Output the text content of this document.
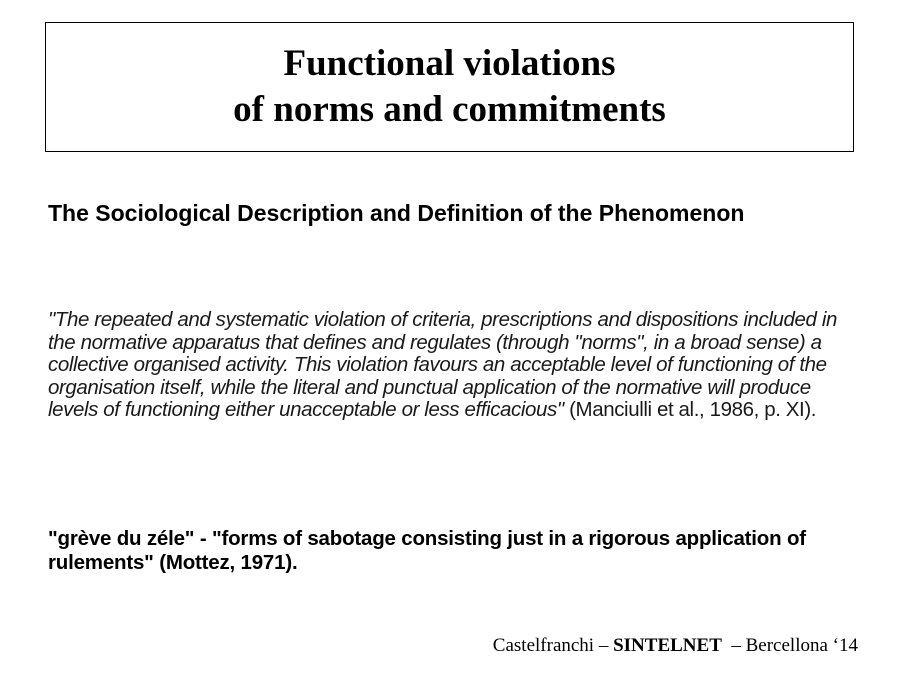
Functional violations
of norms and commitments
The Sociological Description and Definition of the Phenomenon
"The repeated and systematic violation of criteria, prescriptions and dispositions included in the normative apparatus that defines and regulates (through "norms", in a broad sense) a collective organised activity. This violation favours an acceptable level of functioning of the organisation itself, while the literal and punctual application of the normative will produce levels of functioning either unacceptable or less efficacious" (Manciulli et al., 1986, p. XI).
"grève du zéle" - "forms of sabotage consisting just in a rigorous application of rulements" (Mottez, 1971).
Castelfranchi – SINTELNET  – Bercellona ‘14
